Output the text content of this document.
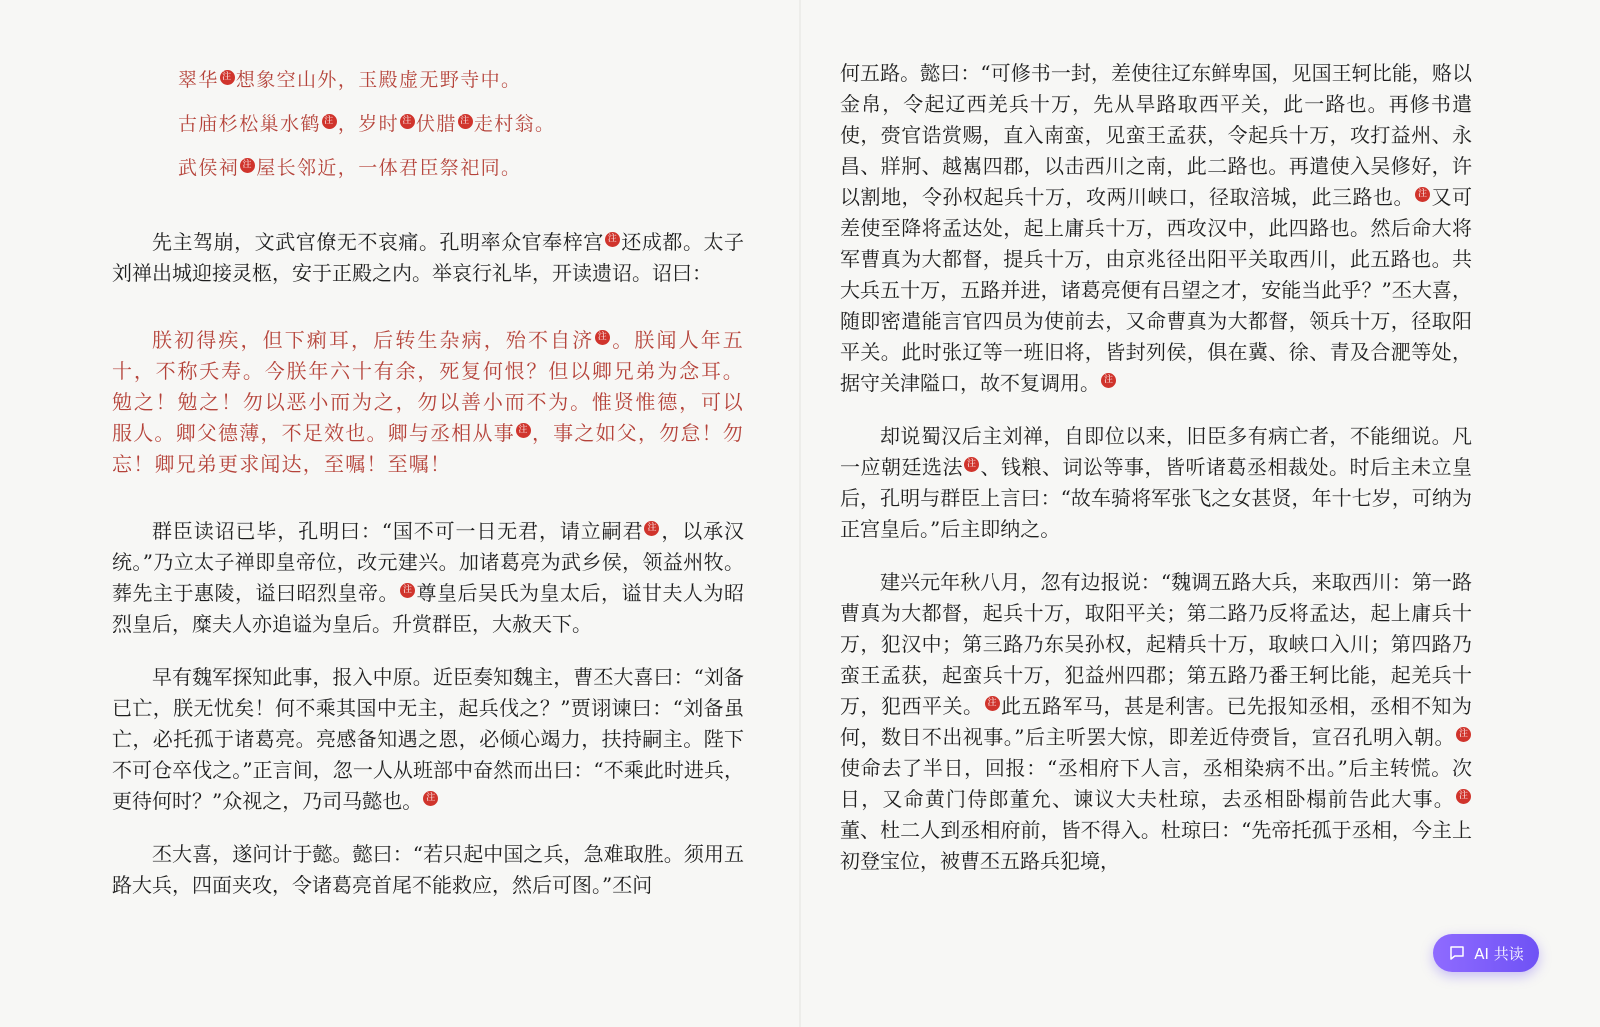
翠华 注 想象空山外，玉殿虚无野寺中。

古庙杉松巢水鹤 注 ，岁时 注 伏腊 注 走村翁。

武侯祠 注 屋长邻近，一体君臣祭祀同。

先主驾崩，文武官僚无不哀痛。孔明率众官奉梓宫 注 还成都。太子刘禅出城迎接灵柩，安于正殿之内。举哀行礼毕，开读遗诏。诏曰：

朕初得疾，但下痢耳，后转生杂病，殆不自济 注 。朕闻人年五十，不称夭寿。今朕年六十有余，死复何恨？但以卿兄弟为念耳。勉之！勉之！勿以恶小而为之，勿以善小而不为。惟贤惟德，可以服人。卿父德薄，不足效也。卿与丞相从事 注 ，事之如父，勿怠！勿忘！卿兄弟更求闻达，至嘱！至嘱！

群臣读诏已毕，孔明曰：“国不可一日无君，请立嗣君 注 ，以承汉统。”乃立太子禅即皇帝位，改元建兴。加诸葛亮为武乡侯，领益州牧。葬先主于惠陵，谥曰昭烈皇帝。 注 尊皇后吴氏为皇太后，谥甘夫人为昭烈皇后，糜夫人亦追谥为皇后。升赏群臣，大赦天下。

早有魏军探知此事，报入中原。近臣奏知魏主，曹丕大喜曰：“刘备已亡，朕无忧矣！何不乘其国中无主，起兵伐之？”贾诩谏曰：“刘备虽亡，必托孤于诸葛亮。亮感备知遇之恩，必倾心竭力，扶持嗣主。陛下不可仓卒伐之。”正言间，忽一人从班部中奋然而出曰：“不乘此时进兵，更待何时？”众视之，乃司马懿也。 注

丕大喜，遂问计于懿。懿曰：“若只起中国之兵，急难取胜。须用五路大兵，四面夹攻，令诸葛亮首尾不能救应，然后可图。”丕问

何五路。懿曰：“可修书一封，差使往辽东鲜卑国，见国王轲比能，赂以金帛，令起辽西羌兵十万，先从旱路取西平关，此一路也。再修书遣使，赍官诰赏赐，直入南蛮，见蛮王孟获，令起兵十万，攻打益州、永昌、牂牁、越嶲四郡，以击西川之南，此二路也。再遣使入吴修好，许以割地，令孙权起兵十万，攻两川峡口，径取涪城，此三路也。 注 又可差使至降将孟达处，起上庸兵十万，西攻汉中，此四路也。然后命大将军曹真为大都督，提兵十万，由京兆径出阳平关取西川，此五路也。共大兵五十万，五路并进，诸葛亮便有吕望之才，安能当此乎？”丕大喜，随即密遣能言官四员为使前去，又命曹真为大都督，领兵十万，径取阳平关。此时张辽等一班旧将，皆封列侯，俱在冀、徐、青及合淝等处，据守关津隘口，故不复调用。 注

却说蜀汉后主刘禅，自即位以来，旧臣多有病亡者，不能细说。凡一应朝廷选法 注 、钱粮、词讼等事，皆听诸葛丞相裁处。时后主未立皇后，孔明与群臣上言曰：“故车骑将军张飞之女甚贤，年十七岁，可纳为正宫皇后。”后主即纳之。

建兴元年秋八月，忽有边报说：“魏调五路大兵，来取西川：第一路曹真为大都督，起兵十万，取阳平关；第二路乃反将孟达，起上庸兵十万，犯汉中；第三路乃东吴孙权，起精兵十万，取峡口入川；第四路乃蛮王孟获，起蛮兵十万，犯益州四郡；第五路乃番王轲比能，起羌兵十万，犯西平关。 注 此五路军马，甚是利害。已先报知丞相，丞相不知为何，数日不出视事。”后主听罢大惊，即差近侍赍旨，宣召孔明入朝。 注使命去了半日，回报：“丞相府下人言，丞相染病不出。”后主转慌。次日，又命黄门侍郎董允、谏议大夫杜琼，去丞相卧榻前告此大事。 注董、杜二人到丞相府前，皆不得入。杜琼曰：“先帝托孤于丞相，今主上初登宝位，被曹丕五路兵犯境，

AI 共读
